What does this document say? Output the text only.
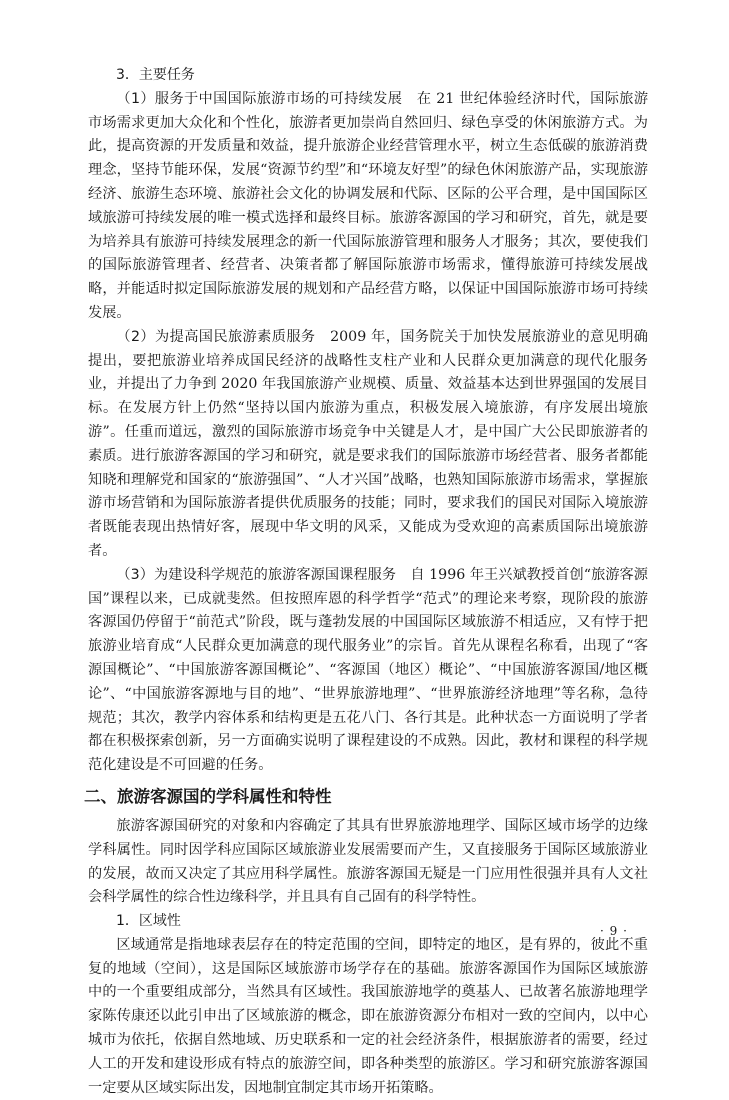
3．主要任务

（1）服务于中国国际旅游市场的可持续发展　在 21 世纪体验经济时代，国际旅游市场需求更加大众化和个性化，旅游者更加崇尚自然回归、绿色享受的休闲旅游方式。为此，提高资源的开发质量和效益，提升旅游企业经营管理水平，树立生态低碳的旅游消费理念，坚持节能环保，发展“资源节约型”和“环境友好型”的绿色休闲旅游产品，实现旅游经济、旅游生态环境、旅游社会文化的协调发展和代际、区际的公平合理，是中国国际区域旅游可持续发展的唯一模式选择和最终目标。旅游客源国的学习和研究，首先，就是要为培养具有旅游可持续发展理念的新一代国际旅游管理和服务人才服务；其次，要使我们的国际旅游管理者、经营者、决策者都了解国际旅游市场需求，懂得旅游可持续发展战略，并能适时拟定国际旅游发展的规划和产品经营方略，以保证中国国际旅游市场可持续发展。

（2）为提高国民旅游素质服务　2009 年，国务院关于加快发展旅游业的意见明确提出，要把旅游业培养成国民经济的战略性支柱产业和人民群众更加满意的现代化服务业，并提出了力争到 2020 年我国旅游产业规模、质量、效益基本达到世界强国的发展目标。在发展方针上仍然“坚持以国内旅游为重点，积极发展入境旅游，有序发展出境旅游”。任重而道远，激烈的国际旅游市场竞争中关键是人才，是中国广大公民即旅游者的素质。进行旅游客源国的学习和研究，就是要求我们的国际旅游市场经营者、服务者都能知晓和理解党和国家的“旅游强国”、“人才兴国”战略，也熟知国际旅游市场需求，掌握旅游市场营销和为国际旅游者提供优质服务的技能；同时，要求我们的国民对国际入境旅游者既能表现出热情好客，展现中华文明的风采，又能成为受欢迎的高素质国际出境旅游者。

（3）为建设科学规范的旅游客源国课程服务　自 1996 年王兴斌教授首创“旅游客源国”课程以来，已成就斐然。但按照库恩的科学哲学“范式”的理论来考察，现阶段的旅游客源国仍停留于“前范式”阶段，既与蓬勃发展的中国国际区域旅游不相适应，又有悖于把旅游业培育成“人民群众更加满意的现代服务业”的宗旨。首先从课程名称看，出现了“客源国概论”、“中国旅游客源国概论”、“客源国（地区）概论”、“中国旅游客源国/地区概论”、“中国旅游客源地与目的地”、“世界旅游地理”、“世界旅游经济地理”等名称，急待规范；其次，教学内容体系和结构更是五花八门、各行其是。此种状态一方面说明了学者都在积极探索创新，另一方面确实说明了课程建设的不成熟。因此，教材和课程的科学规范化建设是不可回避的任务。

二、旅游客源国的学科属性和特性

旅游客源国研究的对象和内容确定了其具有世界旅游地理学、国际区域市场学的边缘学科属性。同时因学科应国际区域旅游业发展需要而产生，又直接服务于国际区域旅游业的发展，故而又决定了其应用科学属性。旅游客源国无疑是一门应用性很强并具有人文社会科学属性的综合性边缘科学，并且具有自己固有的科学特性。

1．区域性

区域通常是指地球表层存在的特定范围的空间，即特定的地区，是有界的，彼此不重复的地域（空间），这是国际区域旅游市场学存在的基础。旅游客源国作为国际区域旅游中的一个重要组成部分，当然具有区域性。我国旅游地学的奠基人、已故著名旅游地理学家陈传康还以此引申出了区域旅游的概念，即在旅游资源分布相对一致的空间内，以中心城市为依托，依据自然地域、历史联系和一定的社会经济条件，根据旅游者的需要，经过人工的开发和建设形成有特点的旅游空间，即各种类型的旅游区。学习和研究旅游客源国一定要从区域实际出发，因地制宜制定其市场开拓策略。

· 9 ·
